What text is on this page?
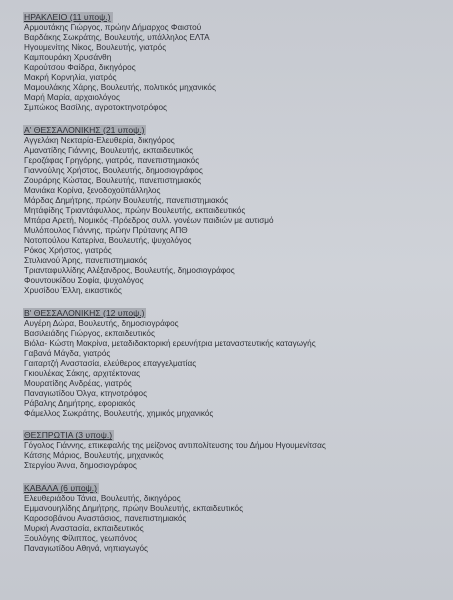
ΗΡΑΚΛΕΙΟ (11 υποψ.)
Αρμουτάκης Γιώργος, πρώην Δήμαρχος Φαιστού
Βαρδάκης Σωκράτης, Βουλευτής, υπάλληλος ΕΛΤΑ
Ηγουμενίτης Νίκος, Βουλευτής, γιατρός
Καμπουράκη Χρυσάνθη
Καρούτσου Φαίδρα, δικηγόρος
Μακρή Κορνηλία, γιατρός
Μαμουλάκης Χάρης, Βουλευτής, πολιτικός μηχανικός
Μαρή Μαρία, αρχαιολόγος
Σμπώκος Βασίλης, αγροτοκτηνοτρόφος
Α' ΘΕΣΣΑΛΟΝΙΚΗΣ (21 υποψ.)
Αγγελάκη Νεκταρία-Ελευθερία, δικηγόρος
Αμανατίδης Γιάννης, Βουλευτής, εκπαιδευτικός
Γεροζάφας Γρηγόρης, γιατρός, πανεπιστημιακός
Γιαννούλης Χρήστος, Βουλευτής, δημοσιογράφος
Ζουράρης Κώστας, Βουλευτής, πανεπιστημιακός
Μανιάκα Κορίνα, ξενοδοχοϋπάλληλος
Μάρδας Δημήτρης, πρώην Βουλευτής, πανεπιστημιακός
Μητάφίδης Τριαντάφυλλος, πρώην Βουλευτής, εκπαιδευτικός
Μπάρα Αρετή, Νομικός -Πρόεδρος συλλ. γονέων παιδιών με αυτισμό
Μυλόπουλος Γιάννης, πρώην Πρύτανης ΑΠΘ
Νοτοπούλου Κατερίνα, Βουλευτής, ψυχολόγος
Ρόκος Χρήστος, γιατρός
Στυλιανού Άρης, πανεπιστημιακός
Τριανταφυλλίδης Αλέξανδρος, Βουλευτής, δημοσιογράφος
Φουντουκίδου Σοφία, ψυχολόγος
Χρυσίδου Έλλη, εικαστικός
Β' ΘΕΣΣΑΛΟΝΙΚΗΣ (12 υποψ.)
Αυγέρη Δώρα, Βουλευτής, δημοσιογράφος
Βασιλειάδης Γιώργος, εκπαιδευτικός
Βιόλα- Κώστη Μακρίνα, μεταδιδακτορική ερευνήτρια μεταναστευτικής καταγωγής
Γαβανά Μάγδα, γιατρός
Γαιταρτζή Αναστασία, ελεύθερος επαγγελματίας
Γκιουλέκας Σάκης, αρχιτέκτονας
Μουρατίδης Ανδρέας, γιατρός
Παναγιωτίδου Όλγα, κτηνοτρόφος
Ράβαλης Δημήτρης, εφοριακός
Φάμελλος Σωκράτης, Βουλευτής, χημικός μηχανικός
ΘΕΣΠΡΩΤΙΑ (3 υποψ.)
Γόγολος Γιάννης, επικεφαλής της μείζονος αντιπολίτευσης του Δήμου Ηγουμενίτσας
Κάτσης Μάριος, Βουλευτής, μηχανικός
Στεργίου Άννα, δημοσιογράφος
ΚΑΒΑΛΑ (6 υποψ.)
Ελευθεριάδου Τάνια, Βουλευτής, δικηγόρος
Εμμανουηλίδης Δημήτρης, πρώην Βουλευτής, εκπαιδευτικός
Καροσοβάνου Αναστάσιος, πανεπιστημιακός
Μυρκή Αναστασία, εκπαιδευτικός
Ξουλόγης Φίλιππος, γεωπόνος
Παναγιωτίδου Αθηνά, νηπιαγωγός
